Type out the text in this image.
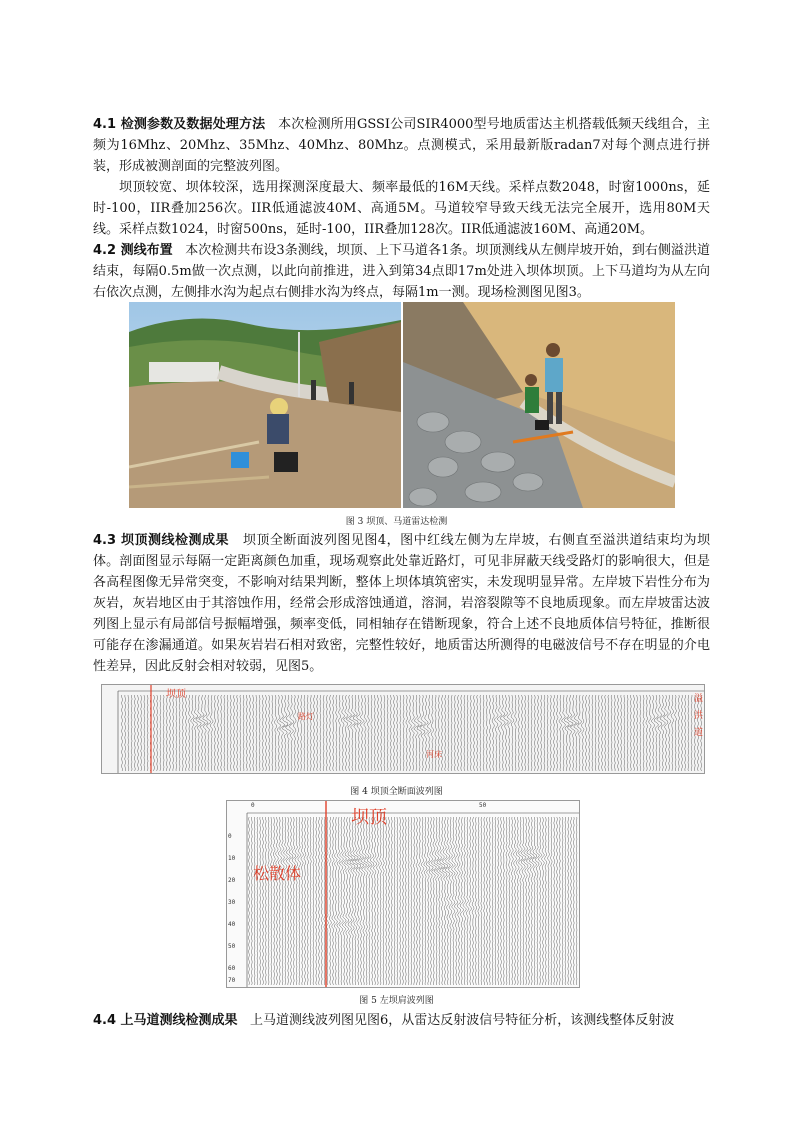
4.1 检测参数及数据处理方法 本次检测所用GSSI公司SIR4000型号地质雷达主机搭载低频天线组合，主频为16Mhz、20Mhz、35Mhz、40Mhz、80Mhz。点测模式，采用最新版radan7对每个测点进行拼装，形成被测剖面的完整波列图。

坝顶较宽、坝体较深，选用探测深度最大、频率最低的16M天线。采样点数2048，时窗1000ns，延时-100，IIR叠加256次。IIR低通滤波40M、高通5M。马道较窄导致天线无法完全展开，选用80M天线。采样点数1024，时窗500ns，延时-100，IIR叠加128次。IIR低通滤波160M、高通20M。

4.2 测线布置 本次检测共布设3条测线，坝顶、上下马道各1条。坝顶测线从左侧岸坡开始，到右侧溢洪道结束，每隔0.5m做一次点测，以此向前推进，进入到第34点即17m处进入坝体坝顶。上下马道均为从左向右依次点测，左侧排水沟为起点右侧排水沟为终点，每隔1m一测。现场检测图见图3。

图 3 坝顶、马道雷达检测

4.3 坝顶测线检测成果 坝顶全断面波列图见图4，图中红线左侧为左岸坡，右侧直至溢洪道结束均为坝体。剖面图显示每隔一定距离颜色加重，现场观察此处靠近路灯，可见非屏蔽天线受路灯的影响很大，但是各高程图像无异常突变，不影响对结果判断，整体上坝体填筑密实，未发现明显异常。左岸坡下岩性分布为灰岩，灰岩地区由于其溶蚀作用，经常会形成溶蚀通道，溶洞，岩溶裂隙等不良地质现象。而左岸坡雷达波列图上显示有局部信号振幅增强，频率变低，同相轴存在错断现象，符合上述不良地质体信号特征，推断很可能存在渗漏通道。如果灰岩岩石相对致密，完整性较好，地质雷达所测得的电磁波信号不存在明显的介电性差异，因此反射会相对较弱，见图5。

坝顶
路灯
河床
溢
洪
道
图 4 坝顶全断面波列图
0	50
0
10
20
30
40
50
60
70
坝顶
松散体
图 5 左坝肩波列图

4.4 上马道测线检测成果 上马道测线波列图见图6，从雷达反射波信号特征分析，该测线整体反射波
